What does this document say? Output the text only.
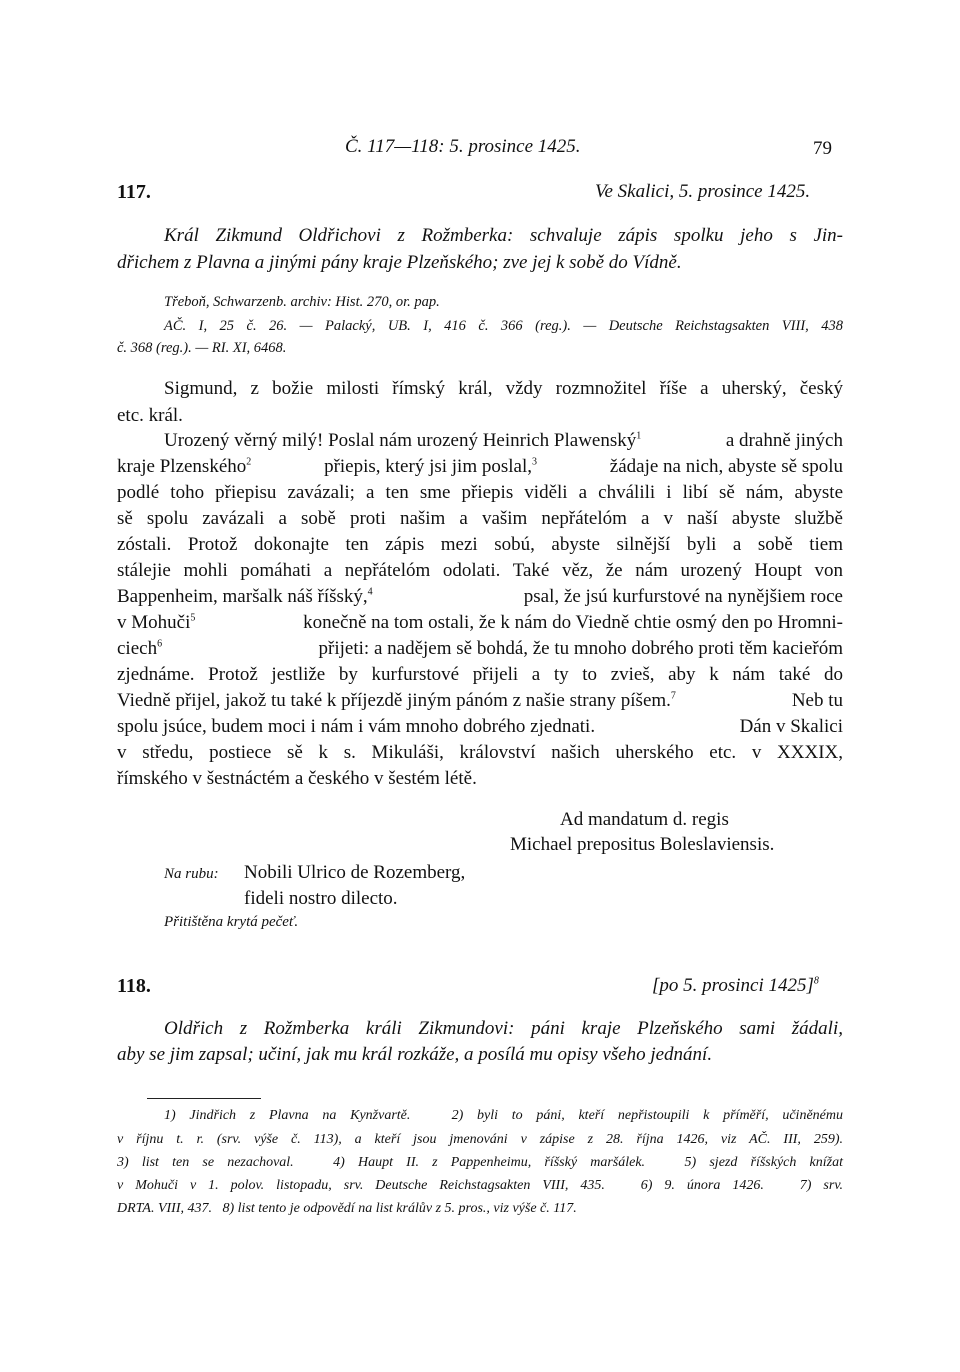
Č. 117—118: 5. prosince 1425.	79
117.	Ve Skalici, 5. prosince 1425.
Král Zikmund Oldřichovi z Rožmberka: schvaluje zápis spolku jeho s Jin-
dřichem z Plavna a jinými pány kraje Plzeňského; zve jej k sobě do Vídně.
Třeboň, Schwarzenb. archiv: Hist. 270, or. pap.
AČ. I, 25 č. 26. — Palacký, UB. I, 416 č. 366 (reg.). — Deutsche Reichstagsakten VIII, 438
č. 368 (reg.). — RI. XI, 6468.
Sigmund, z božie milosti římský král, vždy rozmnožitel říše a uherský, český
etc. král.
Urozený věrný milý! Poslal nám urozený Heinrich Plawenský$^1$	a drahně jiných
kraje Plzenského$^2$	přiepis, který jsi jim poslal,$^3$	žádaje na nich, abyste sě spolu
podlé toho přiepisu zavázali; a ten sme přiepis viděli a chválili i libí sě nám, abyste
sě spolu zavázali a sobě proti našim a vašim nepřátelóm a v naší abyste službě
zóstali. Protož dokonajte ten zápis mezi sobú, abyste silnější byli a sobě tiem
stálejie mohli pomáhati a nepřátelóm odolati. Také věz, že nám urozený Houpt von
Bappenheim, maršalk náš říšský,$^4$	psal, že jsú kurfurstové na nynějšiem roce
v Mohuči$^5$	konečně na tom ostali, že k nám do Viedně chtie osmý den po Hromni-
ciech$^6$	přijeti: a nadějem sě bohdá, že tu mnoho dobrého proti těm kacieřóm
zjednáme. Protož jestliže by kurfurstové přijeli a ty to zvieš, aby k nám také do
Viedně přijel, jakož tu také k příjezdě jiným pánóm z našie strany píšem.$^7$	Neb tu
spolu jsúce, budem moci i nám i vám mnoho dobrého zjednati.	Dán v Skalici
v středu, postiece sě k s. Mikuláši, království našich uherského etc. v XXXIX,
římského v šestnáctém a českého v šestém létě.
Ad mandatum d. regis
Michael prepositus Boleslaviensis.
Na rubu: Nobili Ulrico de Rozemberg,
fideli nostro dilecto.
Přitištěna krytá pečeť.
118.	[po 5. prosinci 1425]$^8$
Oldřich z Rožmberka králi Zikmundovi: páni kraje Plzeňského sami žádali,
aby se jim zapsal; učiní, jak mu král rozkáže, a posílá mu opisy všeho jednání.
1) Jindřich z Plavna na Kynžvartě.   2) byli to páni, kteří nepřistoupili k příměří, učiněnému
v říjnu t. r. (srv. výše č. 113), a kteří jsou jmenováni v zápise z 28. října 1426, viz AČ. III, 259).
3) list ten se nezachoval.   4) Haupt II. z Pappenheimu, říšský maršálek.   5) sjezd říšských knížat
v Mohuči v 1. polov. listopadu, srv. Deutsche Reichstagsakten VIII, 435.   6) 9. února 1426.   7) srv.
DRTA. VIII, 437.   8) list tento je odpovědí na list králův z 5. pros., viz výše č. 117.
